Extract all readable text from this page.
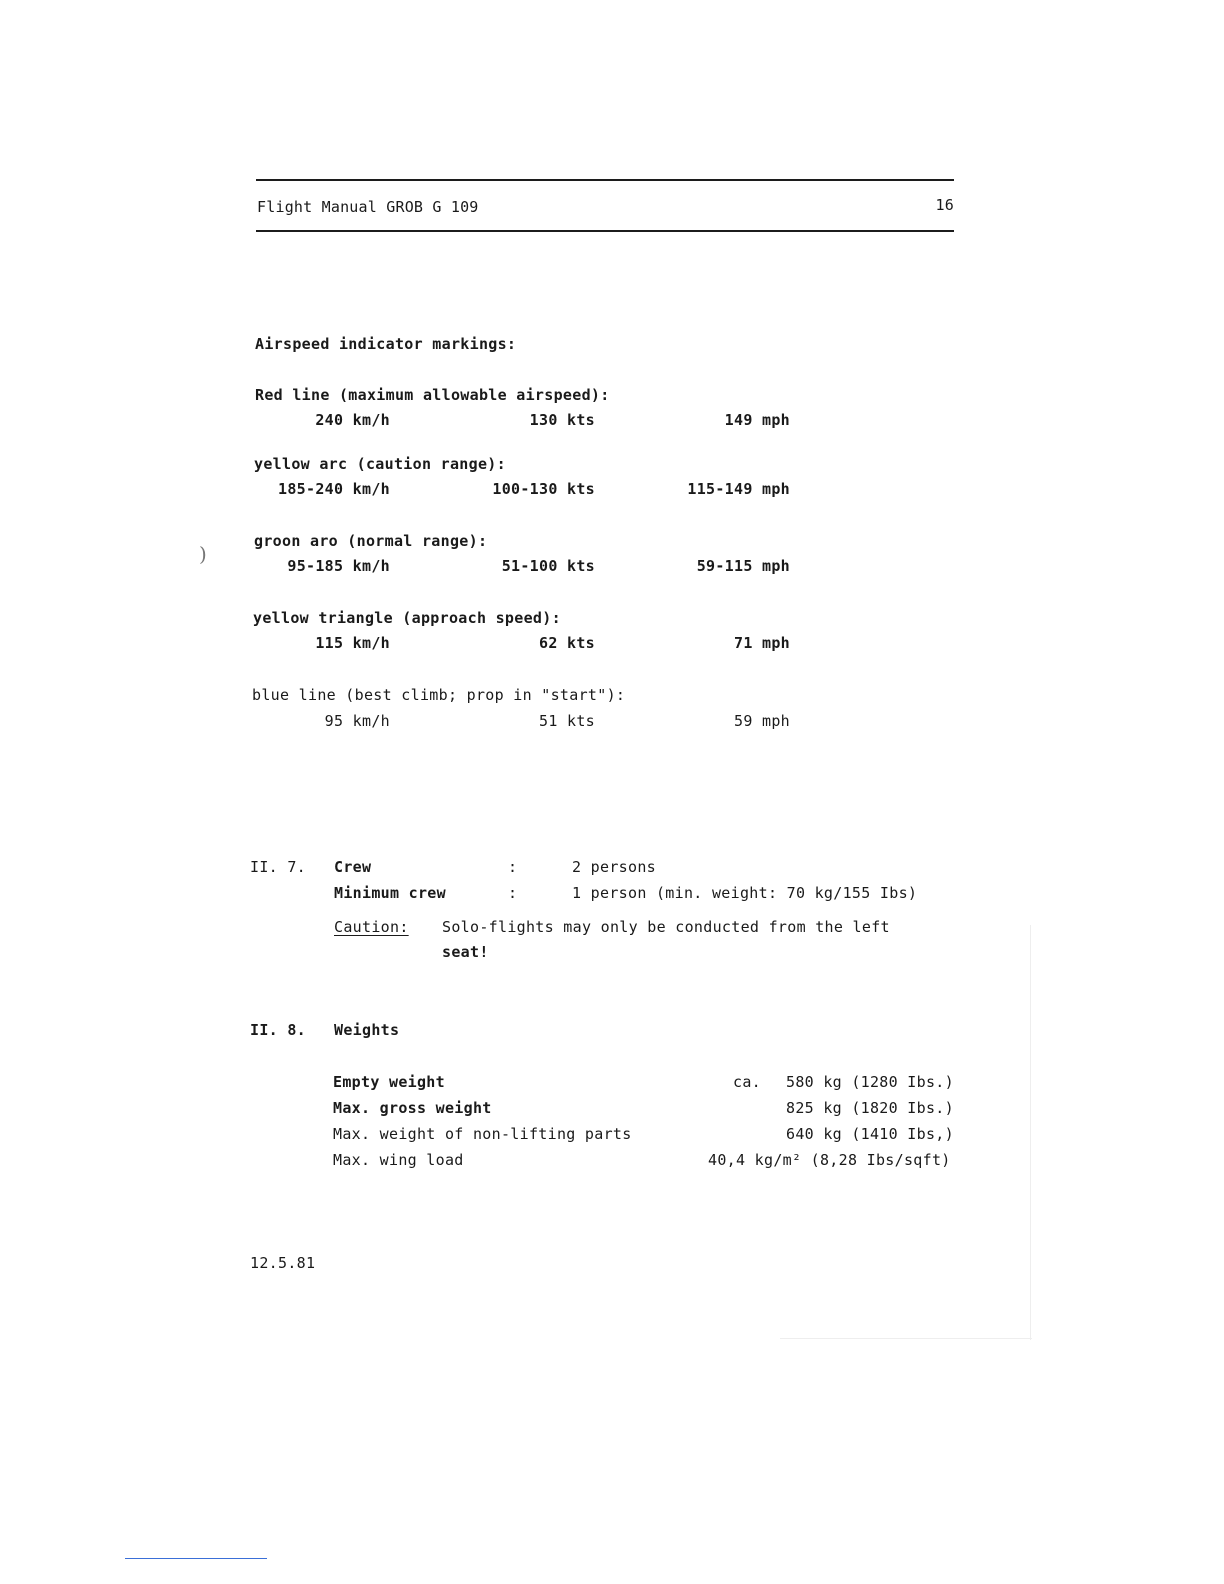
Flight Manual GROB G 109	16
Airspeed indicator markings:
Red line (maximum allowable airspeed):
240 km/h	130 kts	149 mph
yellow arc (caution range):
185-240 km/h	100-130 kts	115-149 mph
groon aro (normal range):
95-185 km/h	51-100 kts	59-115 mph
yellow triangle (approach speed):
115 km/h	62 kts	71 mph
blue line (best climb; prop in "start"):
95 km/h	51 kts	59 mph
II. 7. Crew	:	2 persons
Minimum crew	:	1 person (min. weight: 70 kg/155 Ibs)
Caution: Solo-flights may only be conducted from the left
seat!
II. 8. Weights
Empty weight	ca. 580 kg (1280 Ibs.)
Max. gross weight	825 kg (1820 Ibs.)
Max. weight of non-lifting parts	640 kg (1410 Ibs,)
Max. wing load	40,4 kg/m² (8,28 Ibs/sqft)
12.5.81
)
